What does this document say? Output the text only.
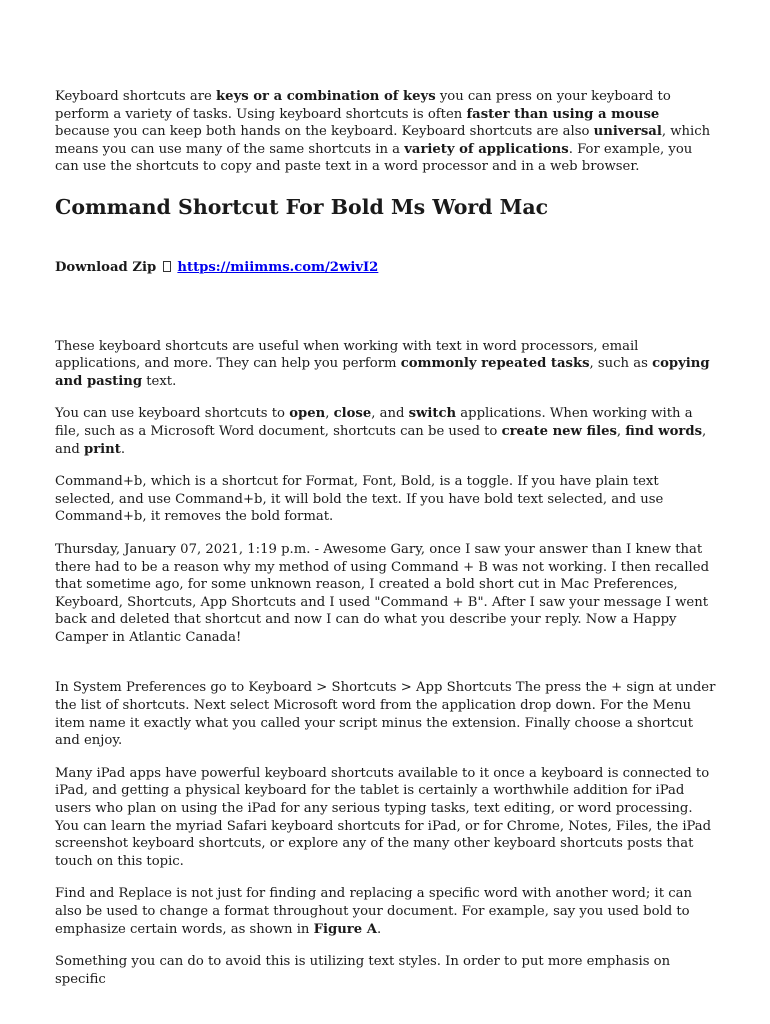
Keyboard shortcuts are keys or a combination of keys you can press on your keyboard to perform a variety of tasks. Using keyboard shortcuts is often faster than using a mouse because you can keep both hands on the keyboard. Keyboard shortcuts are also universal, which means you can use many of the same shortcuts in a variety of applications. For example, you can use the shortcuts to copy and paste text in a word processor and in a web browser.

Command Shortcut For Bold Ms Word Mac

Download Zip https://miimms.com/2wivI2

These keyboard shortcuts are useful when working with text in word processors, email applications, and more. They can help you perform commonly repeated tasks, such as copying and pasting text.

You can use keyboard shortcuts to open, close, and switch applications. When working with a file, such as a Microsoft Word document, shortcuts can be used to create new files, find words, and print.

Command+b, which is a shortcut for Format, Font, Bold, is a toggle. If you have plain text selected, and use Command+b, it will bold the text. If you have bold text selected, and use Command+b, it removes the bold format.

Thursday, January 07, 2021, 1:19 p.m. - Awesome Gary, once I saw your answer than I knew that there had to be a reason why my method of using Command + B was not working. I then recalled that sometime ago, for some unknown reason, I created a bold short cut in Mac Preferences, Keyboard, Shortcuts, App Shortcuts and I used "Command + B". After I saw your message I went back and deleted that shortcut and now I can do what you describe your reply. Now a Happy Camper in Atlantic Canada!

In System Preferences go to Keyboard > Shortcuts > App Shortcuts The press the + sign at under the list of shortcuts. Next select Microsoft word from the application drop down. For the Menu item name it exactly what you called your script minus the extension. Finally choose a shortcut and enjoy.

Many iPad apps have powerful keyboard shortcuts available to it once a keyboard is connected to iPad, and getting a physical keyboard for the tablet is certainly a worthwhile addition for iPad users who plan on using the iPad for any serious typing tasks, text editing, or word processing. You can learn the myriad Safari keyboard shortcuts for iPad, or for Chrome, Notes, Files, the iPad screenshot keyboard shortcuts, or explore any of the many other keyboard shortcuts posts that touch on this topic.

Find and Replace is not just for finding and replacing a specific word with another word; it can also be used to change a format throughout your document. For example, say you used bold to emphasize certain words, as shown in Figure A.

Something you can do to avoid this is utilizing text styles. In order to put more emphasis on specific
